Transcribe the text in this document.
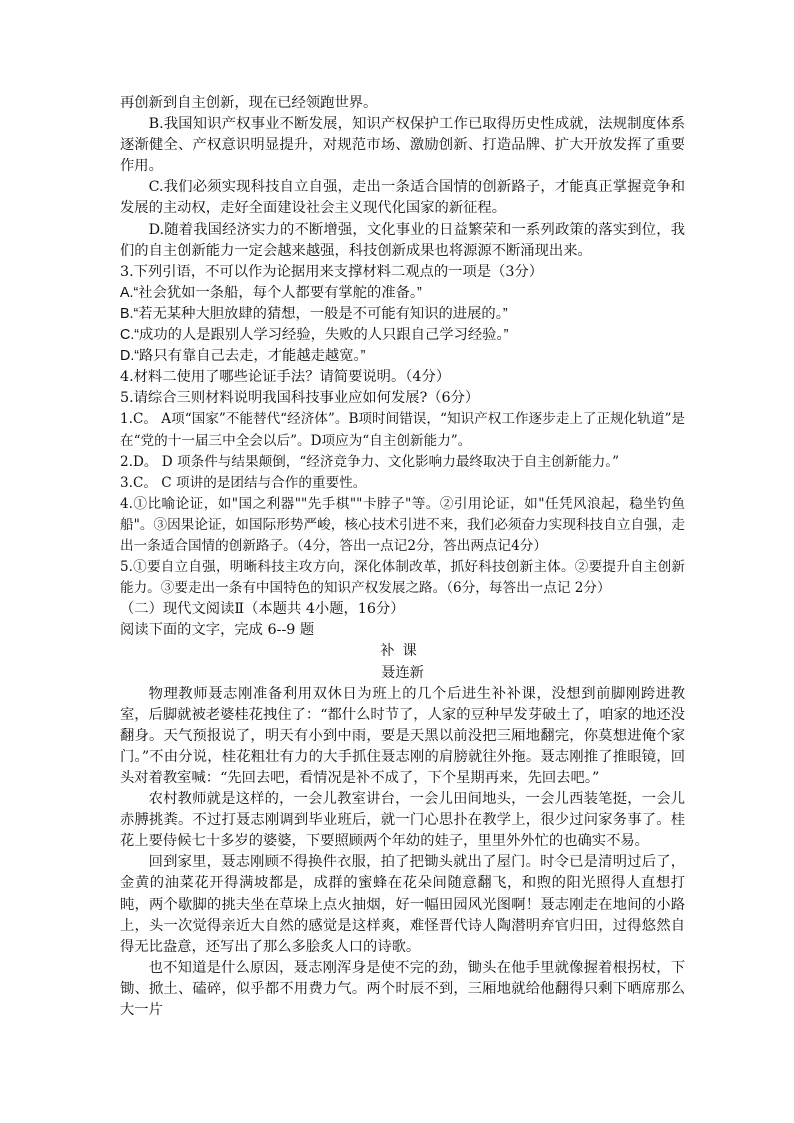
再创新到自主创新，现在已经领跑世界。

B.我国知识产权事业不断发展，知识产权保护工作已取得历史性成就，法规制度体系逐渐健全、产权意识明显提升，对规范市场、激励创新、打造品牌、扩大开放发挥了重要作用。

C.我们必须实现科技自立自强，走出一条适合国情的创新路子，才能真正掌握竞争和发展的主动权，走好全面建设社会主义现代化国家的新征程。

D.随着我国经济实力的不断增强，文化事业的日益繁荣和一系列政策的落实到位，我们的自主创新能力一定会越来越强，科技创新成果也将源源不断涌现出来。

3.下列引语，不可以作为论据用来支撑材料二观点的一项是（3分）

A.“社会犹如一条船，每个人都要有掌舵的准备。”

B.“若无某种大胆放肆的猜想，一般是不可能有知识的进展的。”

C.“成功的人是跟别人学习经验，失败的人只跟自己学习经验。”

D.“路只有靠自己去走，才能越走越宽。”

4.材料二使用了哪些论证手法？请简要说明。（4分）

5.请综合三则材料说明我国科技事业应如何发展?（6分）

1.C。 A项“国家”不能替代“经济体”。B项时间错误，“知识产权工作逐步走上了正规化轨道”是在“党的十一届三中全会以后”。D项应为“自主创新能力”。

2.D。 D 项条件与结果颠倒，“经济竞争力、文化影响力最终取决于自主创新能力。”

3.C。 C 项讲的是团结与合作的重要性。

4.①比喻论证，如"国之利器""先手棋""卡脖子"等。②引用论证，如"任凭风浪起，稳坐钓鱼船"。③因果论证，如国际形势严峻，核心技术引进不来，我们必须奋力实现科技自立自强，走出一条适合国情的创新路子。（4分，答出一点记2分，答出两点记4分）

5.①要自立自强，明晰科技主攻方向，深化体制改革，抓好科技创新主体。②要提升自主创新能力。③要走出一条有中国特色的知识产权发展之路。（6分，每答出一点记 2分）

（二）现代文阅读Ⅱ（本题共 4小题，16分）

阅读下面的文字，完成 6--9 题

补课

聂连新

物理教师聂志刚准备利用双休日为班上的几个后进生补补课，没想到前脚刚跨进教室，后脚就被老婆桂花拽住了：“都什么时节了，人家的豆种早发芽破土了，咱家的地还没翻身。天气预报说了，明天有小到中雨，要是天黑以前没把三厢地翻完，你莫想进俺个家门。”不由分说，桂花粗壮有力的大手抓住聂志刚的肩膀就往外拖。聂志刚推了推眼镜，回头对着教室喊：“先回去吧，看情况是补不成了，下个星期再来，先回去吧。”

农村教师就是这样的，一会儿教室讲台，一会儿田间地头，一会儿西装笔挺，一会儿赤膊挑粪。不过打聂志刚调到毕业班后，就一门心思扑在教学上，很少过问家务事了。桂花上要侍候七十多岁的婆婆，下要照顾两个年幼的娃子，里里外外忙的也确实不易。

回到家里，聂志刚顾不得换件衣服，拍了把锄头就出了屋门。时令已是清明过后了，金黄的油菜花开得满坡都是，成群的蜜蜂在花朵间随意翻飞，和煦的阳光照得人直想打盹，两个歇脚的挑夫坐在草垛上点火抽烟，好一幅田园风光图啊！聂志刚走在地间的小路上，头一次觉得亲近大自然的感觉是这样爽，难怪晋代诗人陶潜明弃官归田，过得悠然自得无比盎意，还写出了那么多脍炙人口的诗歌。

也不知道是什么原因，聂志刚浑身是使不完的劲，锄头在他手里就像握着根拐杖，下锄、掀土、磕碎，似乎都不用费力气。两个时辰不到，三厢地就给他翻得只剩下晒席那么大一片
